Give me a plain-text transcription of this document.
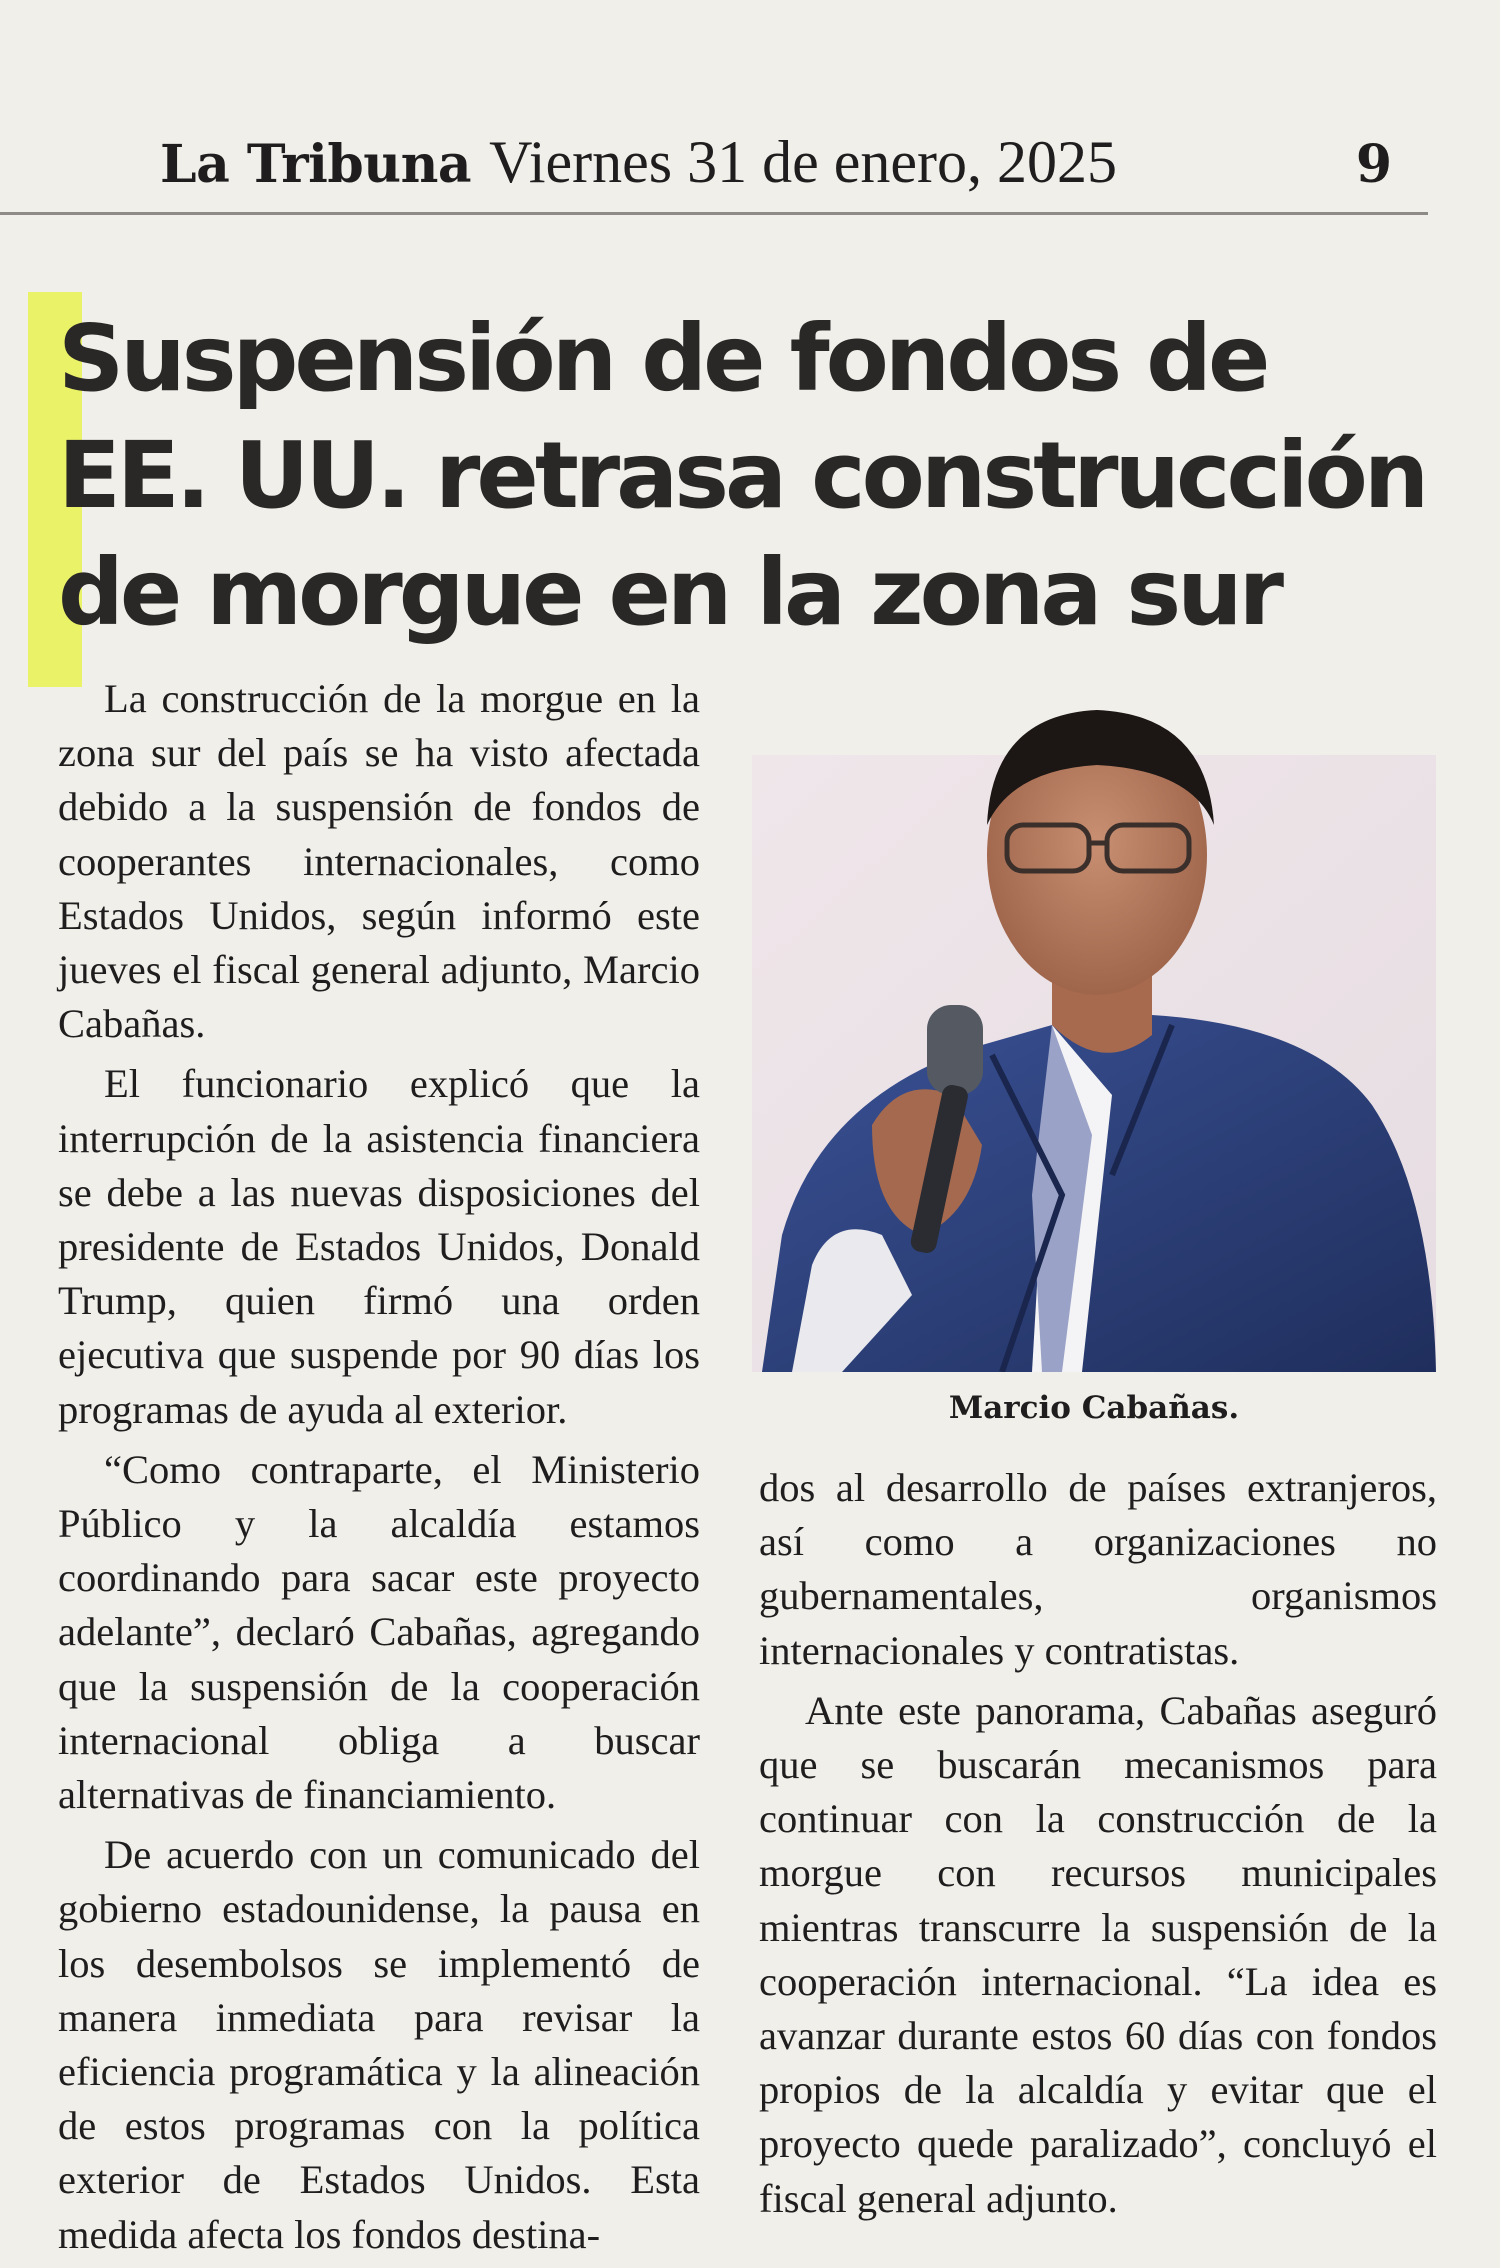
La Tribuna Viernes 31 de enero, 2025	9
Suspensión de fondos de
EE. UU. retrasa construcción
de morgue en la zona sur

La construcción de la morgue en la zona sur del país se ha visto afectada debido a la suspensión de fondos de cooperantes internacionales, como Estados Unidos, según informó este jueves el fiscal general adjunto, Marcio Cabañas.

El funcionario explicó que la interrupción de la asistencia financiera se debe a las nuevas disposiciones del presidente de Estados Unidos, Donald Trump, quien firmó una orden ejecutiva que suspende por 90 días los programas de ayuda al exterior.

“Como contraparte, el Ministerio Público y la alcaldía estamos coordinando para sacar este proyecto adelante”, declaró Cabañas, agregando que la suspensión de la cooperación internacional obliga a buscar alternativas de financiamiento.

De acuerdo con un comunicado del gobierno estadounidense, la pausa en los desembolsos se implementó de manera inmediata para revisar la eficiencia programática y la alineación de estos programas con la política exterior de Estados Unidos. Esta medida afecta los fondos destina-

Marcio Cabañas.

dos al desarrollo de países extranjeros, así como a organizaciones no gubernamentales, organismos internacionales y contratistas.

Ante este panorama, Cabañas aseguró que se buscarán mecanismos para continuar con la construcción de la morgue con recursos municipales mientras transcurre la suspensión de la cooperación internacional. “La idea es avanzar durante estos 60 días con fondos propios de la alcaldía y evitar que el proyecto quede paralizado”, concluyó el fiscal general adjunto.
